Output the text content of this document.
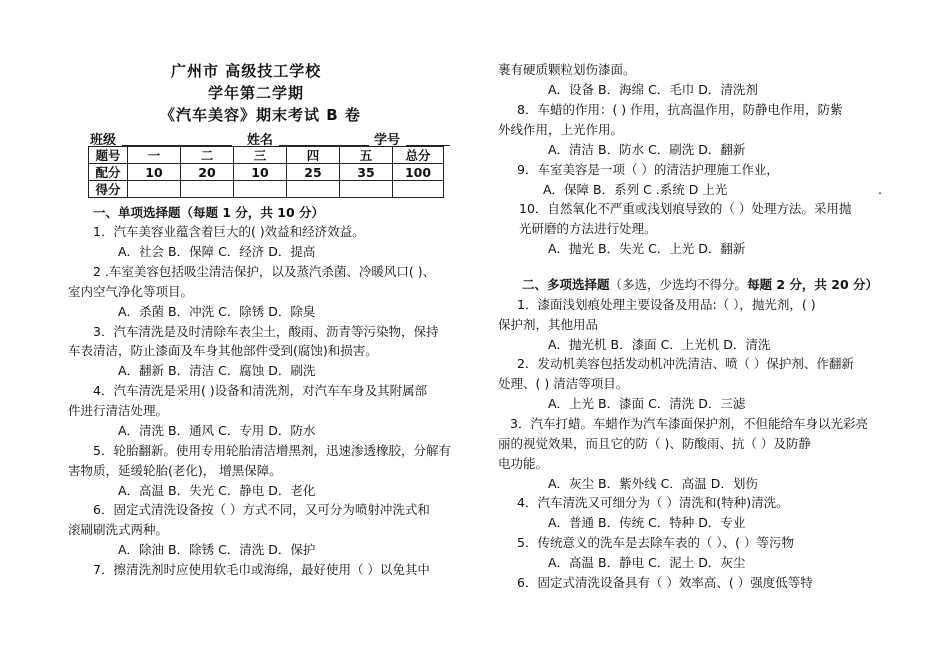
广州市 高级技工学校
学年第二学期
《汽车美容》期末考试 B 卷
班级	姓名	学号
题号	一	二	三	四	五	总分
配分	10	20	10	25	35	100
得分						
一、单项选择题（每题 1 分，共 10 分）
1．汽车美容业蕴含着巨大的( )效益和经济效益。
A．社会 B．保障 C．经济 D．提高
2 .车室美容包括吸尘清洁保护，以及蒸汽杀菌、冷暖风口( )、
室内空气净化等项目。
A．杀菌 B．冲洗 C．除锈 D．除臭
3．汽车清洗是及时清除车表尘土，酸雨、沥青等污染物，保持
车表清洁，防止漆面及车身其他部件受到(腐蚀)和损害。
A．翻新 B．清洁 C．腐蚀 D．刷洗
4．汽车清洗是采用( )设备和清洗剂，对汽车车身及其附属部
件进行清洁处理。
A．清洗 B．通风 C．专用 D．防水
5．轮胎翻新。使用专用轮胎清洁增黑剂，迅速渗透橡胶，分解有
害物质，延缓轮胎(老化)， 增黑保障。
A．高温 B．失光 C．静电 D．老化
6．固定式清洗设备按（ ）方式不同，又可分为喷射冲洗式和
滚刷刷洗式两种。
A．除油 B．除锈 C．清洗 D．保护
7．擦清洗剂时应使用软毛巾或海绵，最好使用（ ）以免其中
裹有硬质颗粒划伤漆面。
A．设备 B．海绵 C．毛巾 D．清洗剂
8．车蜡的作用：( ) 作用，抗高温作用，防静电作用，防紫
外线作用，上光作用。
A．清洁 B．防水 C．刷洗 D．翻新
9．车室美容是一项（ ）的清洁护理施工作业，
A．保障 B．系列 C .系统 D 上光	.
10．自然氧化不严重或浅划痕导致的（ ）处理方法。采用抛
光研磨的方法进行处理。
A．抛光 B．失光 C．上光 D．翻新
二、多项选择题（多选，少选均不得分。每题 2 分，共 20 分）
1．漆面浅划痕处理主要设备及用品:（ ），抛光剂，( )
保护剂，其他用品
A．抛光机 B．漆面 C．上光机 D．清洗
2．发动机美容包括发动机冲洗清洁、喷（ ）保护剂、作翻新
处理、( ) 清洁等项目。
A．上光 B．漆面 C．清洗 D．三滤
3．汽车打蜡。车蜡作为汽车漆面保护剂，不但能给车身以光彩亮
丽的视觉效果，而且它的防（ )、防酸雨、抗（ ）及防静
电功能。
A．灰尘 B．紫外线 C．高温 D．划伤
4．汽车清洗又可细分为（ ）清洗和(特种)清洗。
A．普通 B．传统 C．特种 D．专业
5．传统意义的洗车是去除车表的（ ）、( ）等污物
A．高温 B．静电 C．泥土 D．灰尘
6．固定式清洗设备具有（ ）效率高、( ）强度低等特
